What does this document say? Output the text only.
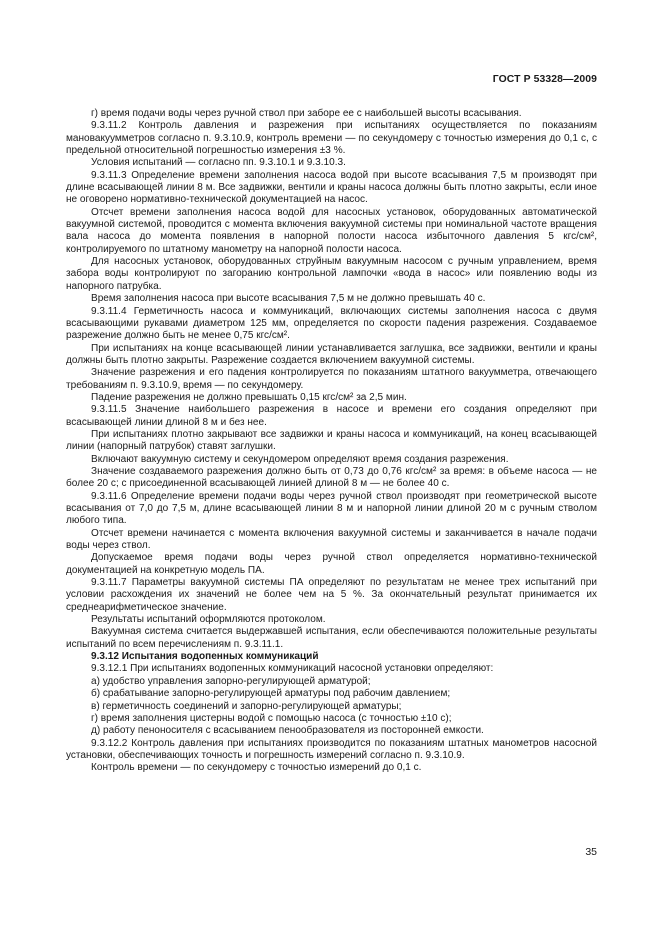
ГОСТ Р 53328—2009

г) время подачи воды через ручной ствол при заборе ее с наибольшей высоты всасывания.

9.3.11.2 Контроль давления и разрежения при испытаниях осуществляется по показаниям мановакуумметров согласно п. 9.3.10.9, контроль времени — по секундомеру с точностью измерения до 0,1 с, с предельной относительной погрешностью измерения ±3 %.

Условия испытаний — согласно пп. 9.3.10.1 и 9.3.10.3.

9.3.11.3 Определение времени заполнения насоса водой при высоте всасывания 7,5 м производят при длине всасывающей линии 8 м. Все задвижки, вентили и краны насоса должны быть плотно закрыты, если иное не оговорено нормативно-технической документацией на насос.

Отсчет времени заполнения насоса водой для насосных установок, оборудованных автоматической вакуумной системой, проводится с момента включения вакуумной системы при номинальной частоте вращения вала насоса до момента появления в напорной полости насоса избыточного давления 5 кгс/см², контролируемого по штатному манометру на напорной полости насоса.

Для насосных установок, оборудованных струйным вакуумным насосом с ручным управлением, время забора воды контролируют по загоранию контрольной лампочки «вода в насос» или появлению воды из напорного патрубка.

Время заполнения насоса при высоте всасывания 7,5 м не должно превышать 40 с.

9.3.11.4 Герметичность насоса и коммуникаций, включающих системы заполнения насоса с двумя всасывающими рукавами диаметром 125 мм, определяется по скорости падения разрежения. Создаваемое разрежение должно быть не менее 0,75 кгс/см².

При испытаниях на конце всасывающей линии устанавливается заглушка, все задвижки, вентили и краны должны быть плотно закрыты. Разрежение создается включением вакуумной системы.

Значение разрежения и его падения контролируется по показаниям штатного вакуумметра, отвечающего требованиям п. 9.3.10.9, время — по секундомеру.

Падение разрежения не должно превышать 0,15 кгс/см² за 2,5 мин.

9.3.11.5 Значение наибольшего разрежения в насосе и времени его создания определяют при всасывающей линии длиной 8 м и без нее.

При испытаниях плотно закрывают все задвижки и краны насоса и коммуникаций, на конец всасывающей линии (напорный патрубок) ставят заглушки.

Включают вакуумную систему и секундомером определяют время создания разрежения.

Значение создаваемого разрежения должно быть от 0,73 до 0,76 кгс/см² за время: в объеме насоса — не более 20 с; с присоединенной всасывающей линией длиной 8 м — не более 40 с.

9.3.11.6 Определение времени подачи воды через ручной ствол производят при геометрической высоте всасывания от 7,0 до 7,5 м, длине всасывающей линии 8 м и напорной линии длиной 20 м с ручным стволом любого типа.

Отсчет времени начинается с момента включения вакуумной системы и заканчивается в начале подачи воды через ствол.

Допускаемое время подачи воды через ручной ствол определяется нормативно-технической документацией на конкретную модель ПА.

9.3.11.7 Параметры вакуумной системы ПА определяют по результатам не менее трех испытаний при условии расхождения их значений не более чем на 5 %. За окончательный результат принимается их среднеарифметическое значение.

Результаты испытаний оформляются протоколом.

Вакуумная система считается выдержавшей испытания, если обеспечиваются положительные результаты испытаний по всем перечислениям п. 9.3.11.1.

9.3.12 Испытания водопенных коммуникаций

9.3.12.1 При испытаниях водопенных коммуникаций насосной установки определяют:

а) удобство управления запорно-регулирующей арматурой;

б) срабатывание запорно-регулирующей арматуры под рабочим давлением;

в) герметичность соединений и запорно-регулирующей арматуры;

г) время заполнения цистерны водой с помощью насоса (с точностью ±10 с);

д) работу пеноносителя с всасыванием пенообразователя из посторонней емкости.

9.3.12.2 Контроль давления при испытаниях производится по показаниям штатных манометров насосной установки, обеспечивающих точность и погрешность измерений согласно п. 9.3.10.9.

Контроль времени — по секундомеру с точностью измерений до 0,1 с.

35
